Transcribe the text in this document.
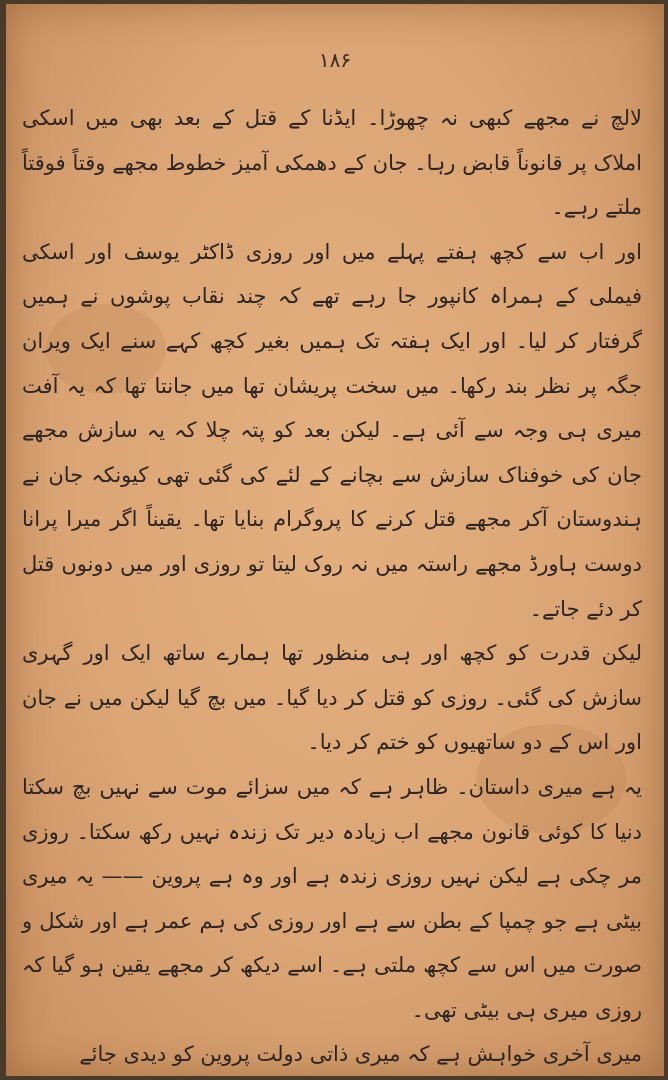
۱۸۶

لالچ نے مجھے کبھی نہ چھوڑا۔ ایڈنا کے قتل کے بعد بھی میں اسکی املاک پر قانوناً قابض رہا۔ جان کے دھمکی آمیز خطوط مجھے وقتاً فوقتاً ملتے رہے۔

اور اب سے کچھ ہفتے پہلے میں اور روزی ڈاکٹر یوسف اور اسکی فیملی کے ہمراہ کانپور جا رہے تھے کہ چند نقاب پوشوں نے ہمیں گرفتار کر لیا۔ اور ایک ہفتہ تک ہمیں بغیر کچھ کہے سنے ایک ویران جگہ پر نظر بند رکھا۔ میں سخت پریشان تھا میں جانتا تھا کہ یہ آفت میری ہی وجہ سے آئی ہے۔ لیکن بعد کو پتہ چلا کہ یہ سازش مجھے جان کی خوفناک سازش سے بچانے کے لئے کی گئی تھی کیونکہ جان نے ہندوستان آکر مجھے قتل کرنے کا پروگرام بنایا تھا۔ یقیناً اگر میرا پرانا دوست ہاورڈ مجھے راستہ میں نہ روک لیتا تو روزی اور میں دونوں قتل کر دئے جاتے۔

لیکن قدرت کو کچھ اور ہی منظور تھا ہمارے ساتھ ایک اور گہری سازش کی گئی۔ روزی کو قتل کر دیا گیا۔ میں بچ گیا لیکن میں نے جان اور اس کے دو ساتھیوں کو ختم کر دیا۔

یہ ہے میری داستان۔ ظاہر ہے کہ میں سزائے موت سے نہیں بچ سکتا دنیا کا کوئی قانون مجھے اب زیادہ دیر تک زندہ نہیں رکھ سکتا۔ روزی مر چکی ہے لیکن نہیں روزی زندہ ہے اور وہ ہے پروین —— یہ میری بیٹی ہے جو چمپا کے بطن سے ہے اور روزی کی ہم عمر ہے اور شکل و صورت میں اس سے کچھ ملتی ہے۔ اسے دیکھ کر مجھے یقین ہو گیا کہ روزی میری ہی بیٹی تھی۔

میری آخری خواہش ہے کہ میری ذاتی دولت پروین کو دیدی جائے
